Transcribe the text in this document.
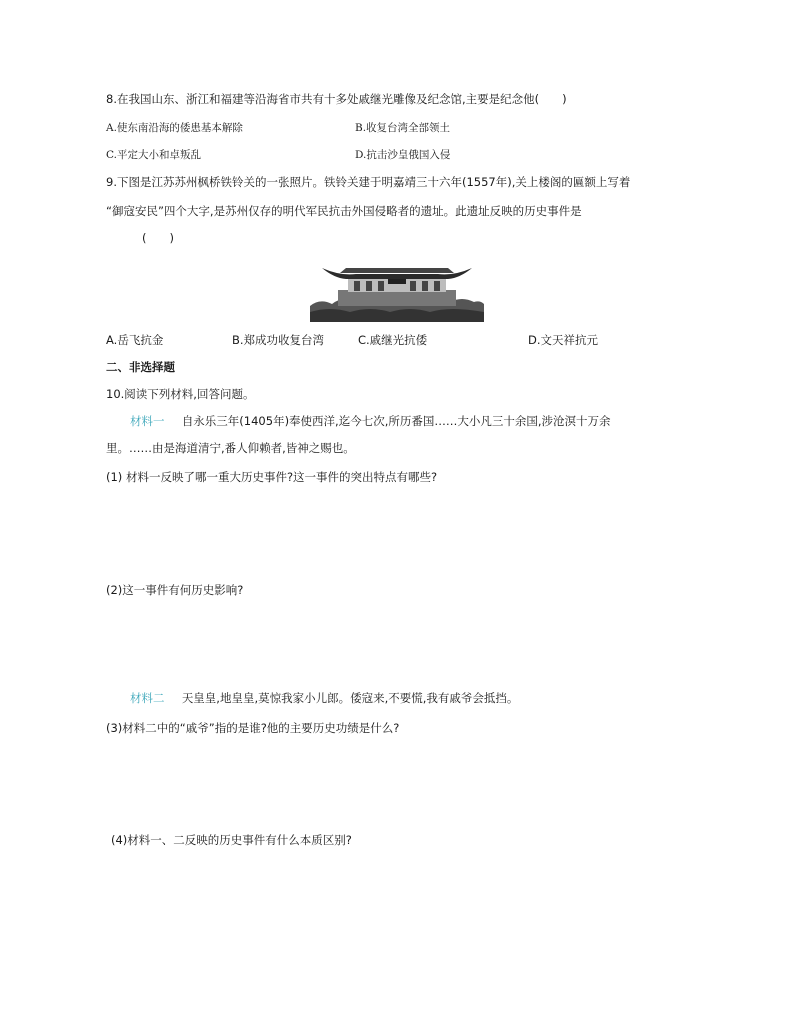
8.在我国山东、浙江和福建等沿海省市共有十多处戚继光雕像及纪念馆,主要是纪念他(　　)
A.使东南沿海的倭患基本解除	B.收复台湾全部领土
C.平定大小和卓叛乱	D.抗击沙皇俄国入侵
9.下图是江苏苏州枫桥铁铃关的一张照片。铁铃关建于明嘉靖三十六年(1557年),关上楼阁的匾额上写着
“御寇安民”四个大字,是苏州仅存的明代军民抗击外国侵略者的遗址。此遗址反映的历史事件是
(　　)
A.岳飞抗金	B.郑成功收复台湾	C.戚继光抗倭	D.文天祥抗元
二、非选择题
10.阅读下列材料,回答问题。
材料一 自永乐三年(1405年)奉使西洋,迄今七次,所历番国……大小凡三十余国,涉沧溟十万余
里。……由是海道清宁,番人仰赖者,皆神之赐也。
(1) 材料一反映了哪一重大历史事件?这一事件的突出特点有哪些?
(2)这一事件有何历史影响?
材料二 天皇皇,地皇皇,莫惊我家小儿郎。倭寇来,不要慌,我有戚爷会抵挡。
(3)材料二中的“戚爷”指的是谁?他的主要历史功绩是什么?
(4)材料一、二反映的历史事件有什么本质区别?
